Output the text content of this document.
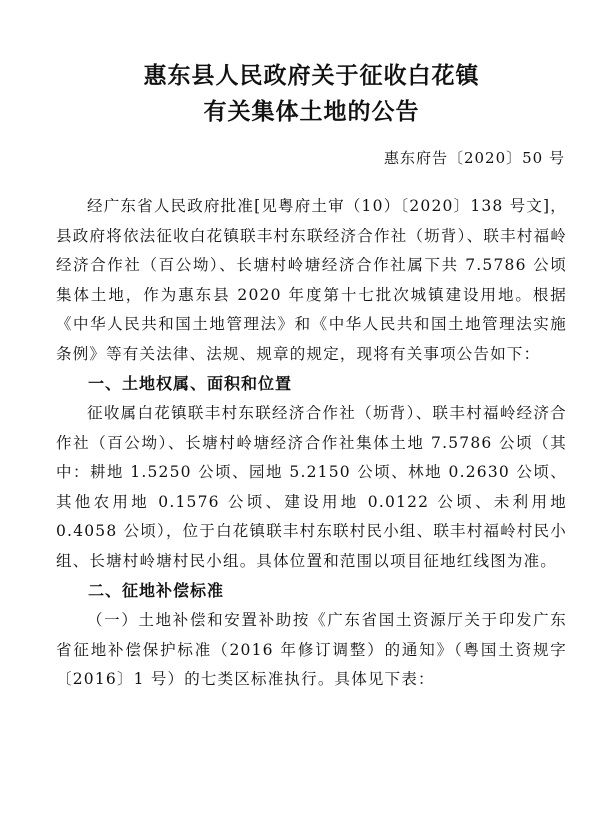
惠东县人民政府关于征收白花镇
有关集体土地的公告
惠东府告〔2020〕50 号

经广东省人民政府批准[见粤府土审（10）〔2020〕138 号文]，县政府将依法征收白花镇联丰村东联经济合作社（坜背）、联丰村福岭经济合作社（百公坳）、长塘村岭塘经济合作社属下共 7.5786 公顷集体土地，作为惠东县 2020 年度第十七批次城镇建设用地。根据《中华人民共和国土地管理法》和《中华人民共和国土地管理法实施条例》等有关法律、法规、规章的规定，现将有关事项公告如下：

一、土地权属、面积和位置

征收属白花镇联丰村东联经济合作社（坜背）、联丰村福岭经济合作社（百公坳）、长塘村岭塘经济合作社集体土地 7.5786 公顷（其中：耕地 1.5250 公顷、园地 5.2150 公顷、林地 0.2630 公顷、其他农用地 0.1576 公顷、建设用地 0.0122 公顷、未利用地 0.4058 公顷），位于白花镇联丰村东联村民小组、联丰村福岭村民小组、长塘村岭塘村民小组。具体位置和范围以项目征地红线图为准。

二、征地补偿标准

（一）土地补偿和安置补助按《广东省国土资源厅关于印发广东省征地补偿保护标准（2016 年修订调整）的通知》（粤国土资规字〔2016〕1 号）的七类区标准执行。具体见下表：
